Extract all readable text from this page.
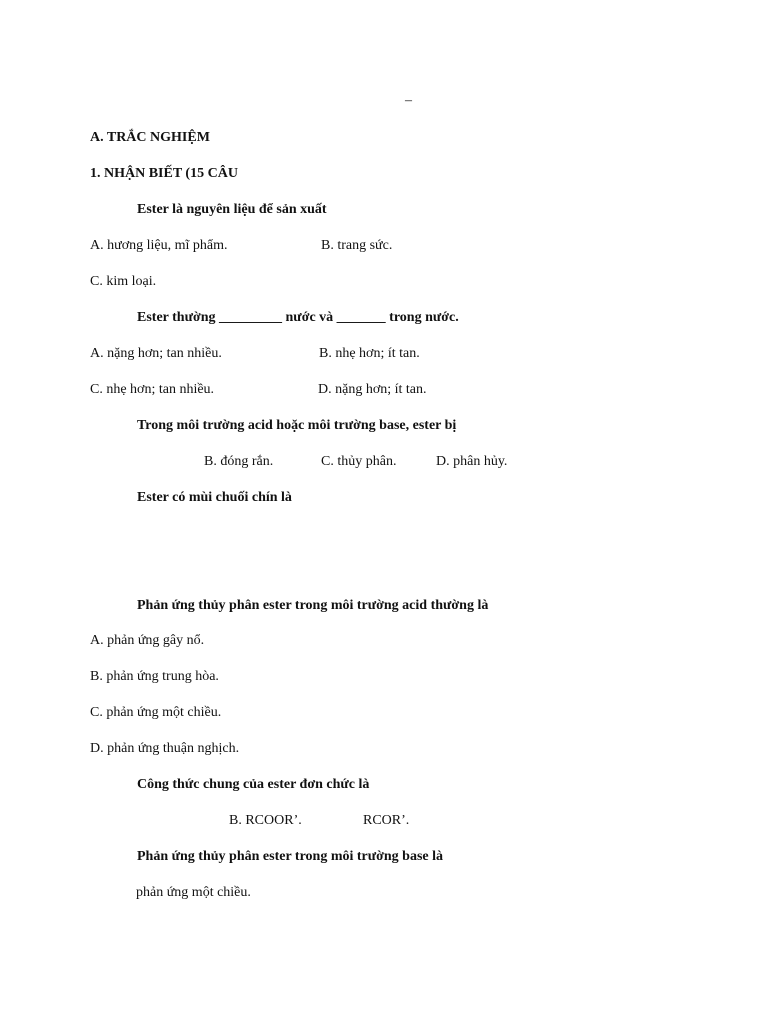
–
A. TRẮC NGHIỆM
1. NHẬN BIẾT (15 CÂU
Ester là nguyên liệu để sản xuất
A. hương liệu, mĩ phẩm.	B. trang sức.
C. kim loại.
Ester thường _________ nước và _______ trong nước.
A. nặng hơn; tan nhiều.	B. nhẹ hơn; ít tan.
C. nhẹ hơn; tan nhiều.	D. nặng hơn; ít tan.
Trong môi trường acid hoặc môi trường base, ester bị
B. đóng rắn.	C. thủy phân.	D. phân hủy.
Ester có mùi chuối chín là
Phản ứng thủy phân ester trong môi trường acid thường là
A. phản ứng gây nổ.
B. phản ứng trung hòa.
C. phản ứng một chiều.
D. phản ứng thuận nghịch.
Công thức chung của ester đơn chức là
B. RCOOR’.	RCOR’.
Phản ứng thủy phân ester trong môi trường base là
phản ứng một chiều.
